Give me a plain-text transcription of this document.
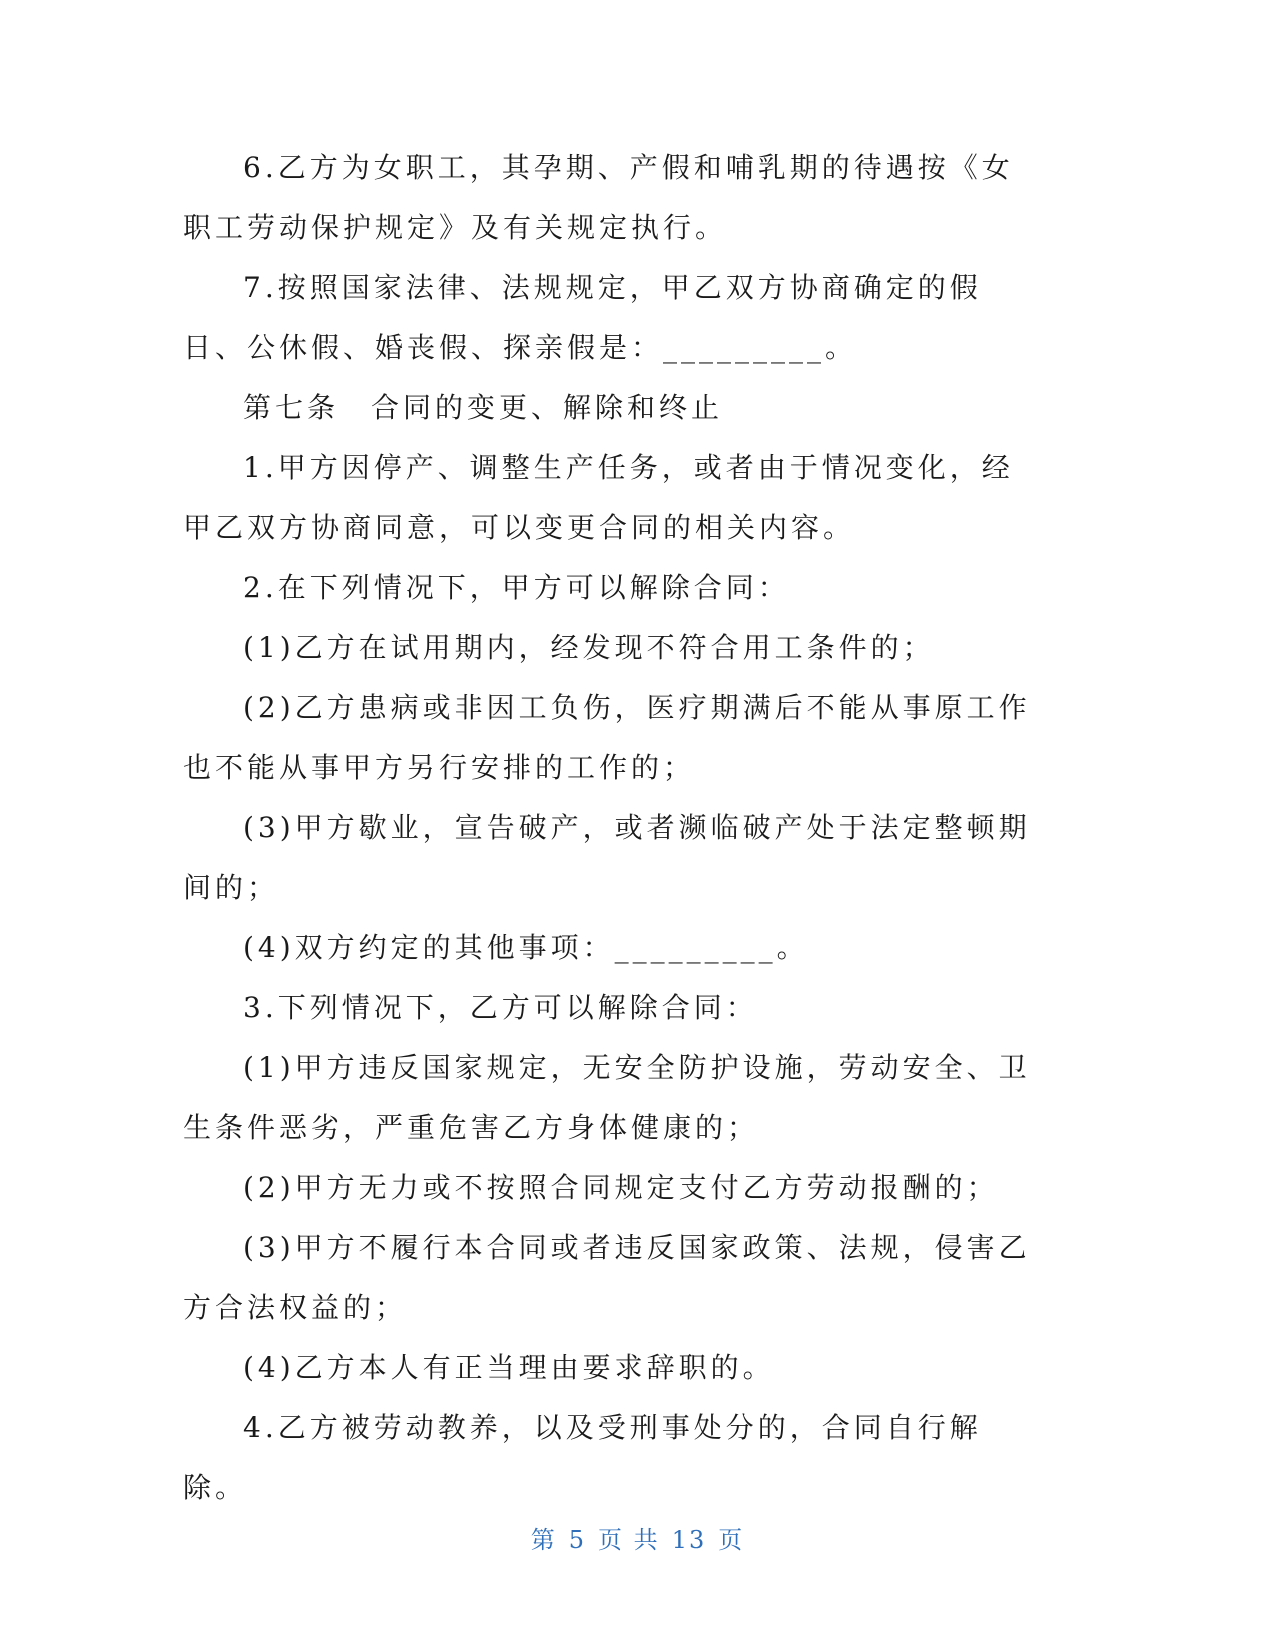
6.乙方为女职工，其孕期、产假和哺乳期的待遇按《女职工劳动保护规定》及有关规定执行。

7.按照国家法律、法规规定，甲乙双方协商确定的假日、公休假、婚丧假、探亲假是：_________。

第七条　合同的变更、解除和终止

1.甲方因停产、调整生产任务，或者由于情况变化，经甲乙双方协商同意，可以变更合同的相关内容。

2.在下列情况下，甲方可以解除合同：

(1)乙方在试用期内，经发现不符合用工条件的；

(2)乙方患病或非因工负伤，医疗期满后不能从事原工作也不能从事甲方另行安排的工作的；

(3)甲方歇业，宣告破产，或者濒临破产处于法定整顿期间的；

(4)双方约定的其他事项：_________。

3.下列情况下，乙方可以解除合同：

(1)甲方违反国家规定，无安全防护设施，劳动安全、卫生条件恶劣，严重危害乙方身体健康的；

(2)甲方无力或不按照合同规定支付乙方劳动报酬的；

(3)甲方不履行本合同或者违反国家政策、法规，侵害乙方合法权益的；

(4)乙方本人有正当理由要求辞职的。

4.乙方被劳动教养，以及受刑事处分的，合同自行解除。

第 5 页 共 13 页
